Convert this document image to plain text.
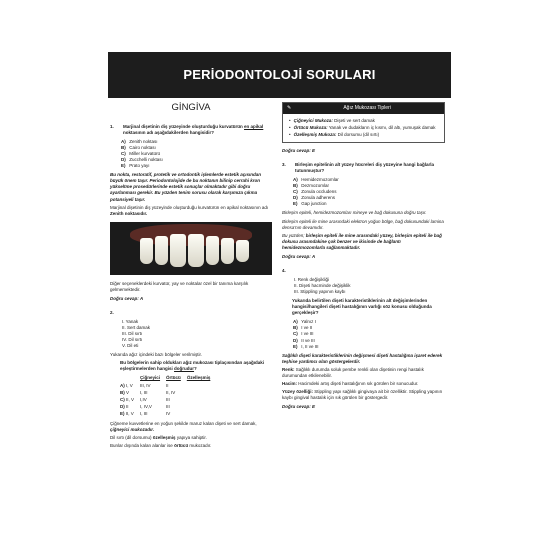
PERİODONTOLOJİ SORULARI
GİNGİVA
1.	Marjinal dişetinin diş yüzeyinde oluşturduğu kurvatürün en apikal noktasının adı aşağıdakilerden hangisidir?
A) Zenith noktası
B) Cairo noktası
C) Miller kurvatürü
D) Zucchelli noktası
E) Prato yayı

Bu nokta, restoratif, protetik ve ortodontik işlemlerde estetik açısından büyük önem taşır. Periodontolojide de bu noktanın bilinip cerrahi kron yükseltme prosedürlerinde estetik sonuçlar olmaktadır gibi doğru ayarlanması gerekir. Bu yüzden tenim sorusu olarak karşımıza çıkma potansiyeli taşır.

Marjinal dişetinin diş yüzeyinde oluşturduğu kurvatürün en apikal noktasının adı Zenith noktasıdır.

Diğer seçeneklerdeki kurvatür, yay ve noktalar özel bir tanıma karşılık gelmemektedir.

Doğru cevap: A

2.
I. Yanak
II. Sert damak
III. Dil sırtı
IV. Dil sırtı
V. Dil eti

Yukarıda ağız içindeki bazı bölgeler verilmiştir.

Bu bölgelerin sahip oldukları ağız mukozası tiplaçısından aşağıdaki eşleştirmelerden hangisi doğrudur?

	Çiğneyici	Örtücü	Özelleşmiş
A) I, V	III, IV	II	
B) V	I, III	II, IV	
C) II, V	I,IV	III	
D) II	I, IV,V	III	
E) II, V	I, III	IV	

Çiğneme kuvvetlerine en yoğun şekilde maruz kalan dişeti ve sert damak, çiğneyici mukozadır.

Dil sırtı (dil dorsumu) özelleşmiş yapıya sahiptir.

Bunlar dışında kalan alanlar ise örtücü mukozadır.

✎	Ağız Mukozası Tipleri
• Çiğneyici Mukoza: Dişeti ve sert damak
• Örtücü Mukoza: Yanak ve dudakların iç kısmı, dil altı, yumuşak damak
• Özelleşmiş Mukoza: Dil dorsumu (dil sırtı)

Doğru cevap: E

3.	Birleşim epitelinin alt yüzey hücreleri diş yüzeyine hangi bağlarla tutunmuştur?
A) Hemidezmozomlar
B) Dezmozomlar
C) Zonula occludens
D) Zonula adherens
E) Gap junction

Birleşim epiteli, hemidezmozomları mineye ve bağ dokusuna doğru taşır.

Birleşim epiteli ile mine arasındaki elektron yoğun bölge, bağ dokusundaki lamina densa'nın devamıdır.

Bu yüzden; birleşim epiteli ile mine arasındaki yüzey, birleşim epiteli ile bağ dokusu arasındakine çok benzer ve ikisinde de bağlantı hemidezmozomlarla sağlanmaktadır.

Doğru cevap: A

4.
I. Renk değişikliği
II. Dişeti hacminde değişiklik
III. Stippling yapının kaybı

Yukarıda belirtilen dişeti karakteristiklerinin alt değişimlerinden hangisi/hangileri dişeti hastalığının varlığı söz konusu olduğunda gerçekleşir?

A) Yalnız I
B) I ve II
C) I ve III
D) II ve III
E) I, II ve III

Sağlıklı dişeti karakteristiklerinin değişmesi dişeti hastalığına işaret ederek teşhise yardımcı olan göstergelerdir.

Renk: Sağlıklı durumda soluk pembe renkli olan dişetinin rengi hastalık durumundan etkilenebilir.

Hacim: Hacimdeki artış dişeti hastalığının sık görülen bir sonucudur.

Yüzey özelliği: Stippling yapı sağlıklı gingivaya ait bir özelliktir. Stippling yapının kaybı gingival hastalık için sık görülen bir göstergedir.

Doğru cevap: E
